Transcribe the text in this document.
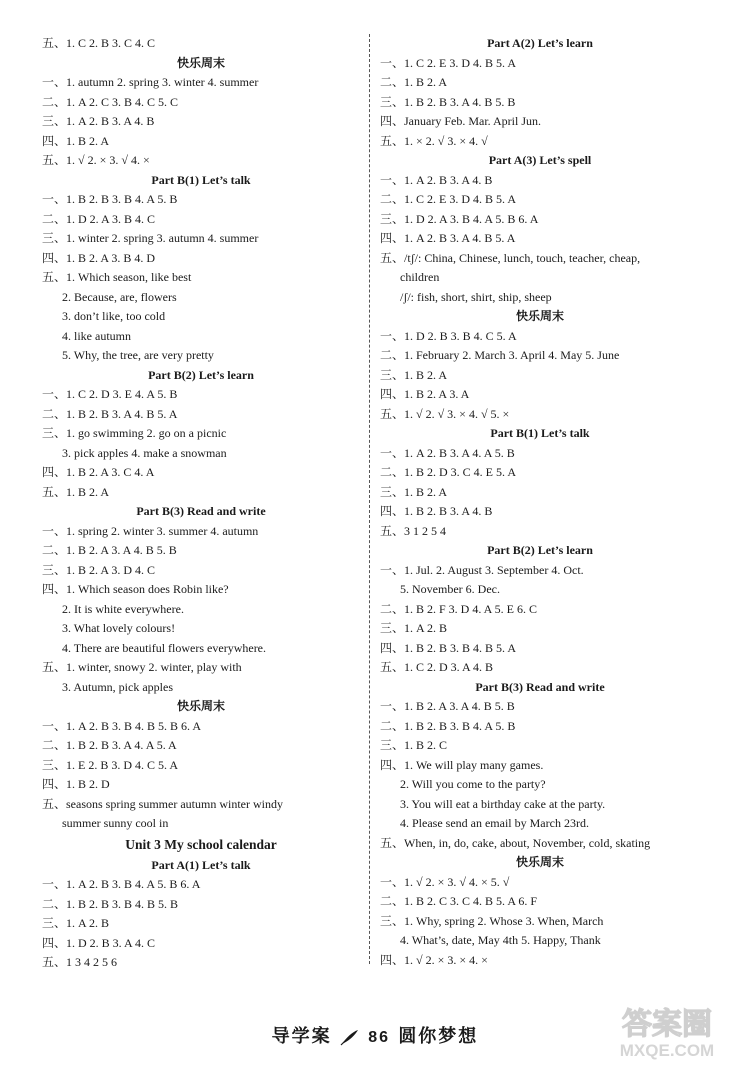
五、1. C 2. B 3. C 4. C
快乐周末
一、1. autumn 2. spring 3. winter 4. summer
二、1. A 2. C 3. B 4. C 5. C
三、1. A 2. B 3. A 4. B
四、1. B 2. A
五、1. √ 2. × 3. √ 4. ×
Part B(1) Let’s talk
一、1. B 2. B 3. B 4. A 5. B
二、1. D 2. A 3. B 4. C
三、1. winter 2. spring 3. autumn 4. summer
四、1. B 2. A 3. B 4. D
五、1. Which season, like best
2. Because, are, flowers
3. don’t like, too cold
4. like autumn
5. Why, the tree, are very pretty
Part B(2) Let’s learn
一、1. C 2. D 3. E 4. A 5. B
二、1. B 2. B 3. A 4. B 5. A
三、1. go swimming 2. go on a picnic
3. pick apples 4. make a snowman
四、1. B 2. A 3. C 4. A
五、1. B 2. A
Part B(3) Read and write
一、1. spring 2. winter 3. summer 4. autumn
二、1. B 2. A 3. A 4. B 5. B
三、1. B 2. A 3. D 4. C
四、1. Which season does Robin like?
2. It is white everywhere.
3. What lovely colours!
4. There are beautiful flowers everywhere.
五、1. winter, snowy 2. winter, play with
3. Autumn, pick apples
快乐周末
一、1. A 2. B 3. B 4. B 5. B 6. A
二、1. B 2. B 3. A 4. A 5. A
三、1. E 2. B 3. D 4. C 5. A
四、1. B 2. D
五、seasons spring summer autumn winter windy
summer sunny cool in
Unit 3 My school calendar
Part A(1) Let’s talk
一、1. A 2. B 3. B 4. A 5. B 6. A
二、1. B 2. B 3. B 4. B 5. B
三、1. A 2. B
四、1. D 2. B 3. A 4. C
五、1 3 4 2 5 6
Part A(2) Let’s learn
一、1. C 2. E 3. D 4. B 5. A
二、1. B 2. A
三、1. B 2. B 3. A 4. B 5. B
四、January Feb. Mar. April Jun.
五、1. × 2. √ 3. × 4. √
Part A(3) Let’s spell
一、1. A 2. B 3. A 4. B
二、1. C 2. E 3. D 4. B 5. A
三、1. D 2. A 3. B 4. A 5. B 6. A
四、1. A 2. B 3. A 4. B 5. A
五、/tʃ/: China, Chinese, lunch, touch, teacher, cheap,
children
/ʃ/: fish, short, shirt, ship, sheep
快乐周末
一、1. D 2. B 3. B 4. C 5. A
二、1. February 2. March 3. April 4. May 5. June
三、1. B 2. A
四、1. B 2. A 3. A
五、1. √ 2. √ 3. × 4. √ 5. ×
Part B(1) Let’s talk
一、1. A 2. B 3. A 4. A 5. B
二、1. B 2. D 3. C 4. E 5. A
三、1. B 2. A
四、1. B 2. B 3. A 4. B
五、3 1 2 5 4
Part B(2) Let’s learn
一、1. Jul. 2. August 3. September 4. Oct.
5. November 6. Dec.
二、1. B 2. F 3. D 4. A 5. E 6. C
三、1. A 2. B
四、1. B 2. B 3. B 4. B 5. A
五、1. C 2. D 3. A 4. B
Part B(3) Read and write
一、1. B 2. A 3. A 4. B 5. B
二、1. B 2. B 3. B 4. A 5. B
三、1. B 2. C
四、1. We will play many games.
2. Will you come to the party?
3. You will eat a birthday cake at the party.
4. Please send an email by March 23rd.
五、When, in, do, cake, about, November, cold, skating
快乐周末
一、1. √ 2. × 3. √ 4. × 5. √
二、1. B 2. C 3. C 4. B 5. A 6. F
三、1. Why, spring 2. Whose 3. When, March
4. What’s, date, May 4th 5. Happy, Thank
四、1. √ 2. × 3. × 4. ×
导学案 86 圆你梦想	答案圈
MXQE.COM
